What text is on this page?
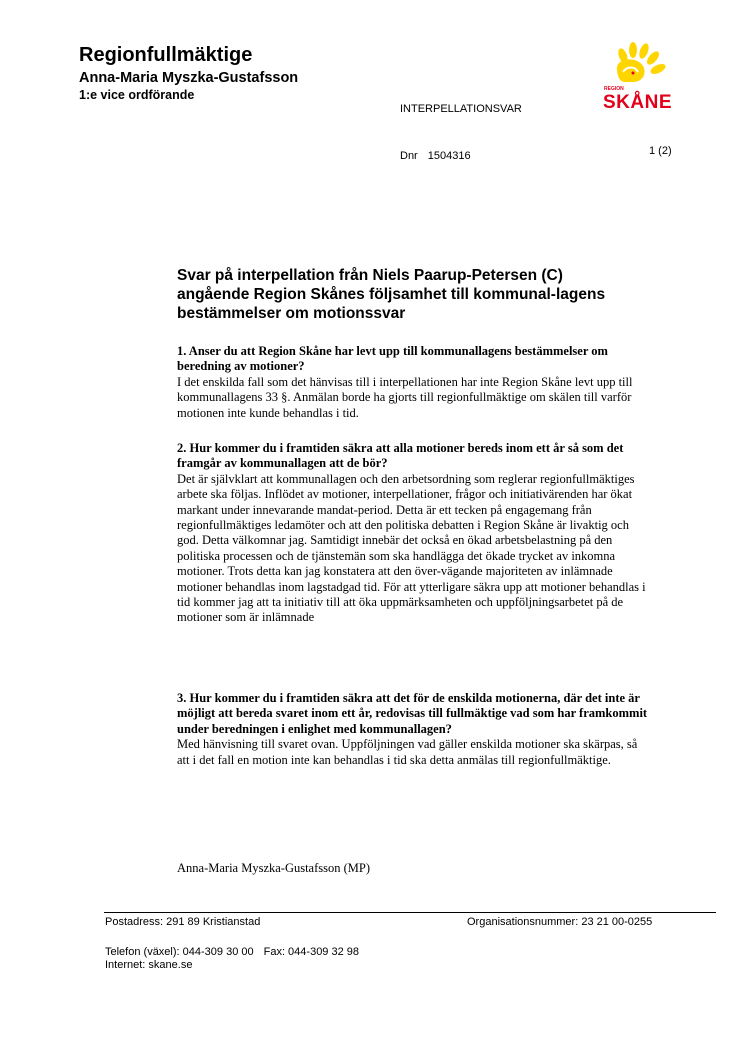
Regionfullmäktige
Anna-Maria Myszka-Gustafsson
1:e vice ordförande
INTERPELLATIONSVAR
Dnr 1504316	1 (2)
REGION
SKÅNE
Svar på interpellation från Niels Paarup-Petersen (C) angående Region Skånes följsamhet till kommunal-lagens bestämmelser om motionssvar
1. Anser du att Region Skåne har levt upp till kommunallagens bestämmelser om beredning av motioner?
I det enskilda fall som det hänvisas till i interpellationen har inte Region Skåne levt upp till kommunallagens 33 §. Anmälan borde ha gjorts till regionfullmäktige om skälen till varför motionen inte kunde behandlas i tid.
2. Hur kommer du i framtiden säkra att alla motioner bereds inom ett år så som det framgår av kommunallagen att de bör?
Det är självklart att kommunallagen och den arbetsordning som reglerar regionfullmäktiges arbete ska följas. Inflödet av motioner, interpellationer, frågor och initiativärenden har ökat markant under innevarande mandat-period. Detta är ett tecken på engagemang från regionfullmäktiges ledamöter och att den politiska debatten i Region Skåne är livaktig och god. Detta välkomnar jag. Samtidigt innebär det också en ökad arbetsbelastning på den politiska processen och de tjänstemän som ska handlägga det ökade trycket av inkomna motioner. Trots detta kan jag konstatera att den över-vägande majoriteten av inlämnade motioner behandlas inom lagstadgad tid. För att ytterligare säkra upp att motioner behandlas i tid kommer jag att ta initiativ till att öka uppmärksamheten och uppföljningsarbetet på de motioner som är inlämnade
3. Hur kommer du i framtiden säkra att det för de enskilda motionerna, där det inte är möjligt att bereda svaret inom ett år, redovisas till fullmäktige vad som har framkommit under beredningen i enlighet med kommunallagen?
Med hänvisning till svaret ovan. Uppföljningen vad gäller enskilda motioner ska skärpas, så att i det fall en motion inte kan behandlas i tid ska detta anmälas till regionfullmäktige.
Anna-Maria Myszka-Gustafsson (MP)
Postadress: 291 89 Kristianstad	Organisationsnummer: 23 21 00-0255
Telefon (växel): 044-309 30 00 Fax: 044-309 32 98
Internet: skane.se
